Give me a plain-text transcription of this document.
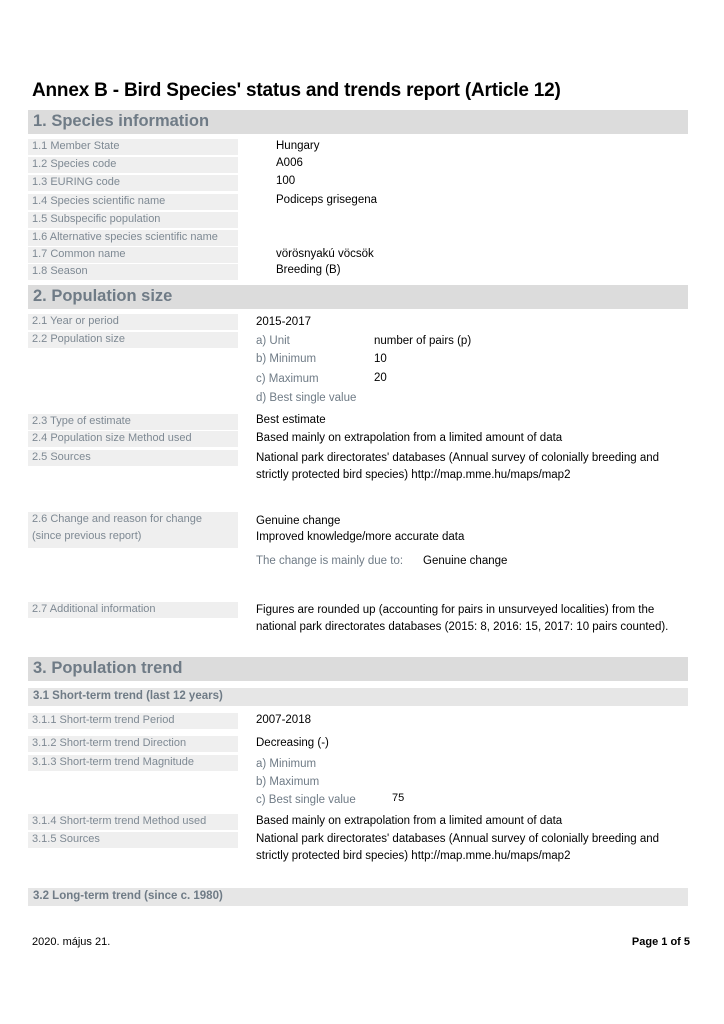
Annex B - Bird Species' status and trends report (Article 12)
1. Species information
1.1 Member State	Hungary
1.2 Species code	A006
1.3 EURING code	100
1.4 Species scientific name	Podiceps grisegena
1.5 Subspecific population
1.6 Alternative species scientific name
1.7 Common name	vörösnyakú vöcsök
1.8 Season	Breeding (B)
2. Population size
2.1 Year or period	2015-2017
2.2 Population size	a) Unit	number of pairs (p)
b) Minimum	10
c) Maximum	20
d) Best single value
2.3 Type of estimate	Best estimate
2.4 Population size Method used	Based mainly on extrapolation from a limited amount of data
2.5 Sources	National park directorates' databases (Annual survey of colonially breeding and strictly protected bird species) http://map.mme.hu/maps/map2
2.6 Change and reason for change
(since previous report)
Genuine change
Improved knowledge/more accurate data
The change is mainly due to: Genuine change
2.7 Additional information	Figures are rounded up (accounting for pairs in unsurveyed localities) from the national park directorates databases (2015: 8, 2016: 15, 2017: 10 pairs counted).
3. Population trend
3.1 Short-term trend (last 12 years)
3.1.1 Short-term trend Period	2007-2018
3.1.2 Short-term trend Direction	Decreasing (-)
3.1.3 Short-term trend Magnitude	a) Minimum
b) Maximum
c) Best single value	75
3.1.4 Short-term trend Method used	Based mainly on extrapolation from a limited amount of data
3.1.5 Sources	National park directorates' databases (Annual survey of colonially breeding and strictly protected bird species) http://map.mme.hu/maps/map2
3.2 Long-term trend (since c. 1980)
2020. május 21.	Page 1 of 5
